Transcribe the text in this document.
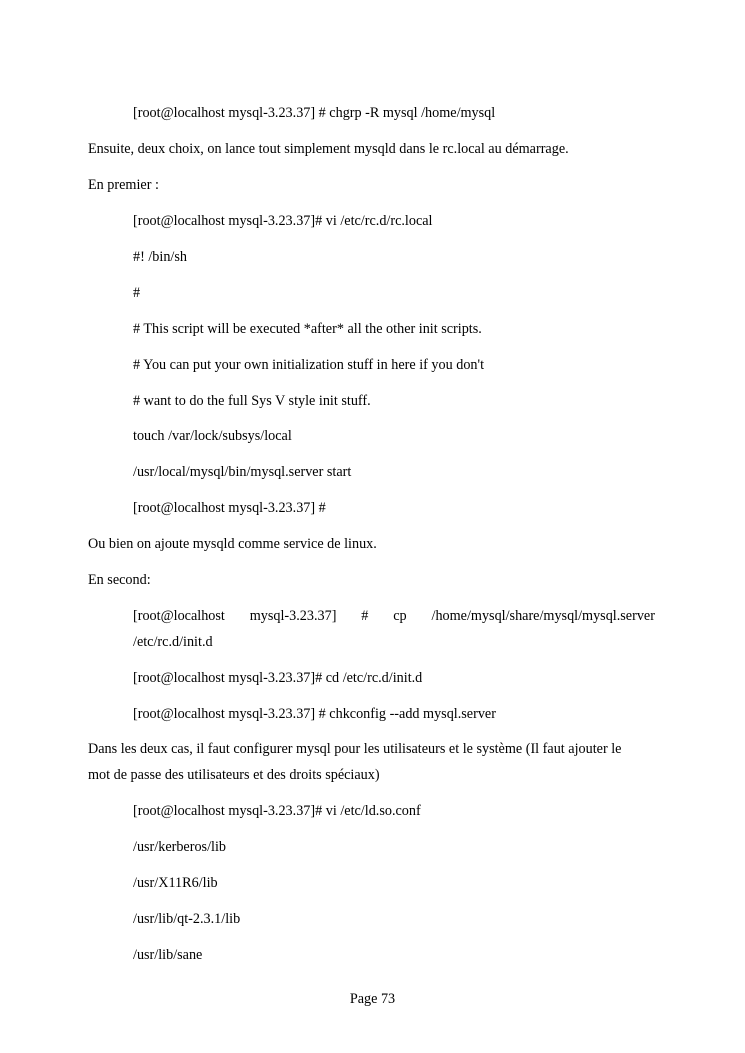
[root@localhost mysql-3.23.37] # chgrp -R mysql /home/mysql
Ensuite, deux choix, on lance tout simplement mysqld dans le rc.local au démarrage.
En premier :
[root@localhost mysql-3.23.37]# vi /etc/rc.d/rc.local
#! /bin/sh
#
# This script will be executed *after* all the other init scripts.
# You can put your own initialization stuff in here if you don't
# want to do the full Sys V style init stuff.
touch /var/lock/subsys/local
/usr/local/mysql/bin/mysql.server start
[root@localhost mysql-3.23.37] #
Ou bien on ajoute mysqld comme service de linux.
En second:
[root@localhost mysql-3.23.37] # cp /home/mysql/share/mysql/mysql.server
/etc/rc.d/init.d
[root@localhost mysql-3.23.37]# cd /etc/rc.d/init.d
[root@localhost mysql-3.23.37] # chkconfig --add mysql.server
Dans les deux cas, il faut configurer mysql pour les utilisateurs et le système (Il faut ajouter le
mot de passe des utilisateurs et des droits spéciaux)
[root@localhost mysql-3.23.37]# vi /etc/ld.so.conf
/usr/kerberos/lib
/usr/X11R6/lib
/usr/lib/qt-2.3.1/lib
/usr/lib/sane
Page 73
